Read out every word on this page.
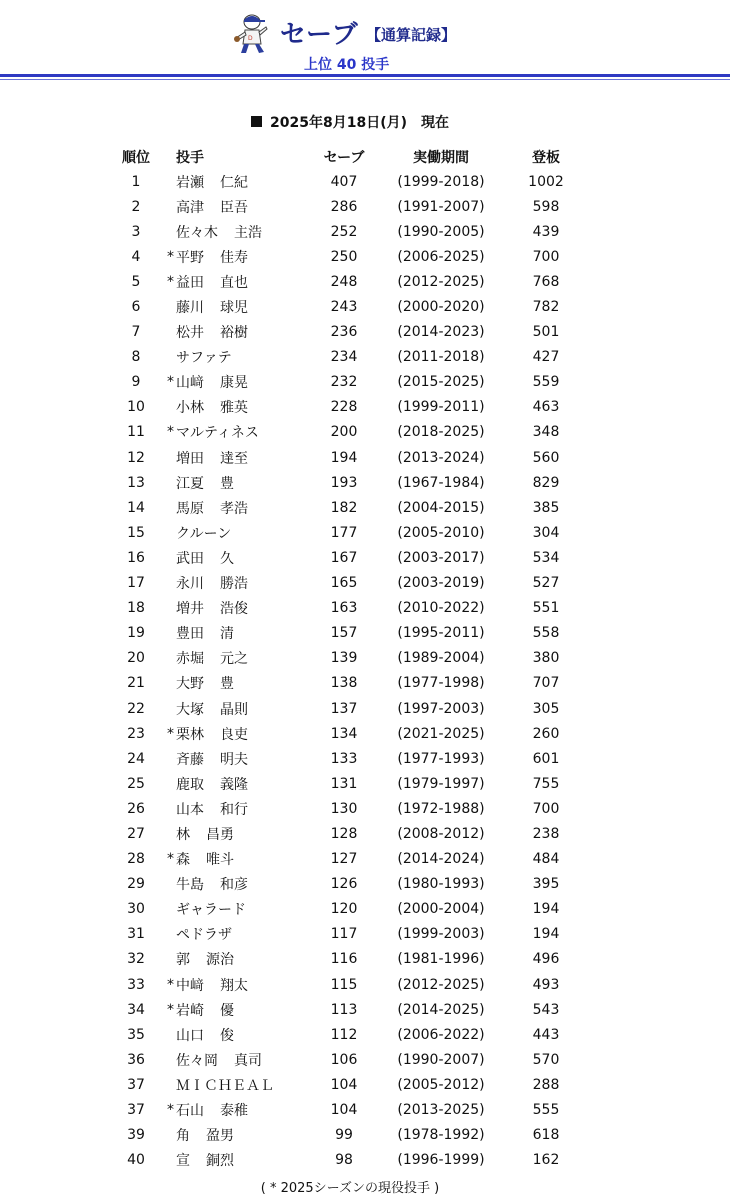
D セーブ 【通算記録】
上位 40 投手
2025年8月18日(月) 現在
順位		投手	セーブ	実働期間	登板
1		岩瀬 仁紀	407	(1999-2018)	1002
2		高津 臣吾	286	(1991-2007)	598
3		佐々木 主浩	252	(1990-2005)	439
4	*	平野 佳寿	250	(2006-2025)	700
5	*	益田 直也	248	(2012-2025)	768
6		藤川 球児	243	(2000-2020)	782
7		松井 裕樹	236	(2014-2023)	501
8		サファテ	234	(2011-2018)	427
9	*	山﨑 康晃	232	(2015-2025)	559
10		小林 雅英	228	(1999-2011)	463
11	*	マルティネス	200	(2018-2025)	348
12		増田 達至	194	(2013-2024)	560
13		江夏 豊	193	(1967-1984)	829
14		馬原 孝浩	182	(2004-2015)	385
15		クルーン	177	(2005-2010)	304
16		武田 久	167	(2003-2017)	534
17		永川 勝浩	165	(2003-2019)	527
18		増井 浩俊	163	(2010-2022)	551
19		豊田 清	157	(1995-2011)	558
20		赤堀 元之	139	(1989-2004)	380
21		大野 豊	138	(1977-1998)	707
22		大塚 晶則	137	(1997-2003)	305
23	*	栗林 良吏	134	(2021-2025)	260
24		斉藤 明夫	133	(1977-1993)	601
25		鹿取 義隆	131	(1979-1997)	755
26		山本 和行	130	(1972-1988)	700
27		林 昌勇	128	(2008-2012)	238
28	*	森 唯斗	127	(2014-2024)	484
29		牛島 和彦	126	(1980-1993)	395
30		ギャラード	120	(2000-2004)	194
31		ペドラザ	117	(1999-2003)	194
32		郭 源治	116	(1981-1996)	496
33	*	中﨑 翔太	115	(2012-2025)	493
34	*	岩崎 優	113	(2014-2025)	543
35		山口 俊	112	(2006-2022)	443
36		佐々岡 真司	106	(1990-2007)	570
37		ＭＩＣＨＥＡＬ	104	(2005-2012)	288
37	*	石山 泰稚	104	(2013-2025)	555
39		角 盈男	99	(1978-1992)	618
40		宣 銅烈	98	(1996-1999)	162
( * 2025シーズンの現役投手 )
